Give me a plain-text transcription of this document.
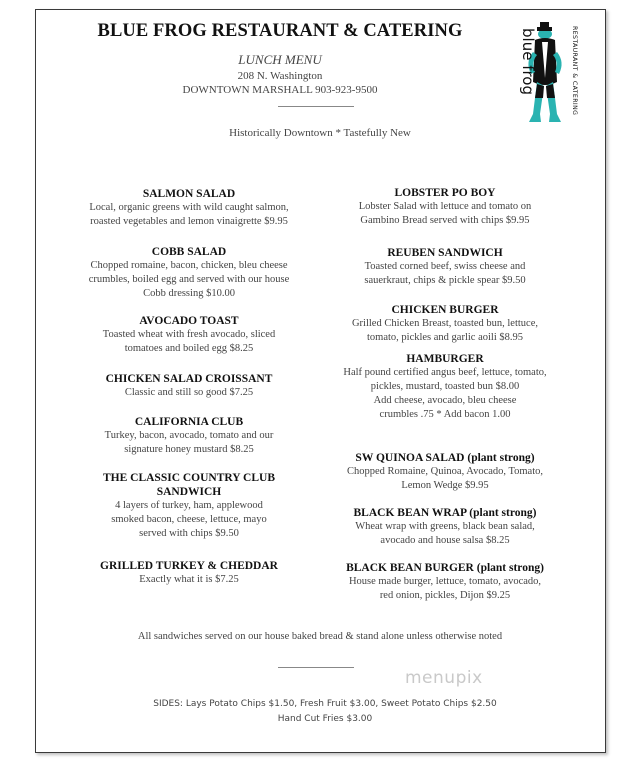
BLUE FROG RESTAURANT & CATERING
LUNCH MENU
208 N. Washington
DOWNTOWN MARSHALL 903-923-9500
Historically Downtown * Tastefully New
blue frog	RESTAURANT & CATERING
SALMON SALAD
Local, organic greens with wild caught salmon,
roasted vegetables and lemon vinaigrette $9.95
COBB SALAD
Chopped romaine, bacon, chicken, bleu cheese
crumbles, boiled egg and served with our house
Cobb dressing $10.00
AVOCADO TOAST
Toasted wheat with fresh avocado, sliced
tomatoes and boiled egg $8.25
CHICKEN SALAD CROISSANT
Classic and still so good $7.25
CALIFORNIA CLUB
Turkey, bacon, avocado, tomato and our
signature honey mustard $8.25
THE CLASSIC COUNTRY CLUB
SANDWICH
4 layers of turkey, ham, applewood
smoked bacon, cheese, lettuce, mayo
served with chips $9.50
GRILLED TURKEY & CHEDDAR
Exactly what it is $7.25
LOBSTER PO BOY
Lobster Salad with lettuce and tomato on
Gambino Bread served with chips $9.95
REUBEN SANDWICH
Toasted corned beef, swiss cheese and
sauerkraut, chips & pickle spear $9.50
CHICKEN BURGER
Grilled Chicken Breast, toasted bun, lettuce,
tomato, pickles and garlic aoili $8.95
HAMBURGER
Half pound certified angus beef, lettuce, tomato,
pickles, mustard, toasted bun $8.00
Add cheese, avocado, bleu cheese
crumbles .75 * Add bacon 1.00
SW QUINOA SALAD (plant strong)
Chopped Romaine, Quinoa, Avocado, Tomato,
Lemon Wedge $9.95
BLACK BEAN WRAP (plant strong)
Wheat wrap with greens, black bean salad,
avocado and house salsa $8.25
BLACK BEAN BURGER (plant strong)
House made burger, lettuce, tomato, avocado,
red onion, pickles, Dijon $9.25
All sandwiches served on our house baked bread & stand alone unless otherwise noted
menupix
SIDES: Lays Potato Chips $1.50, Fresh Fruit $3.00, Sweet Potato Chips $2.50
Hand Cut Fries $3.00
